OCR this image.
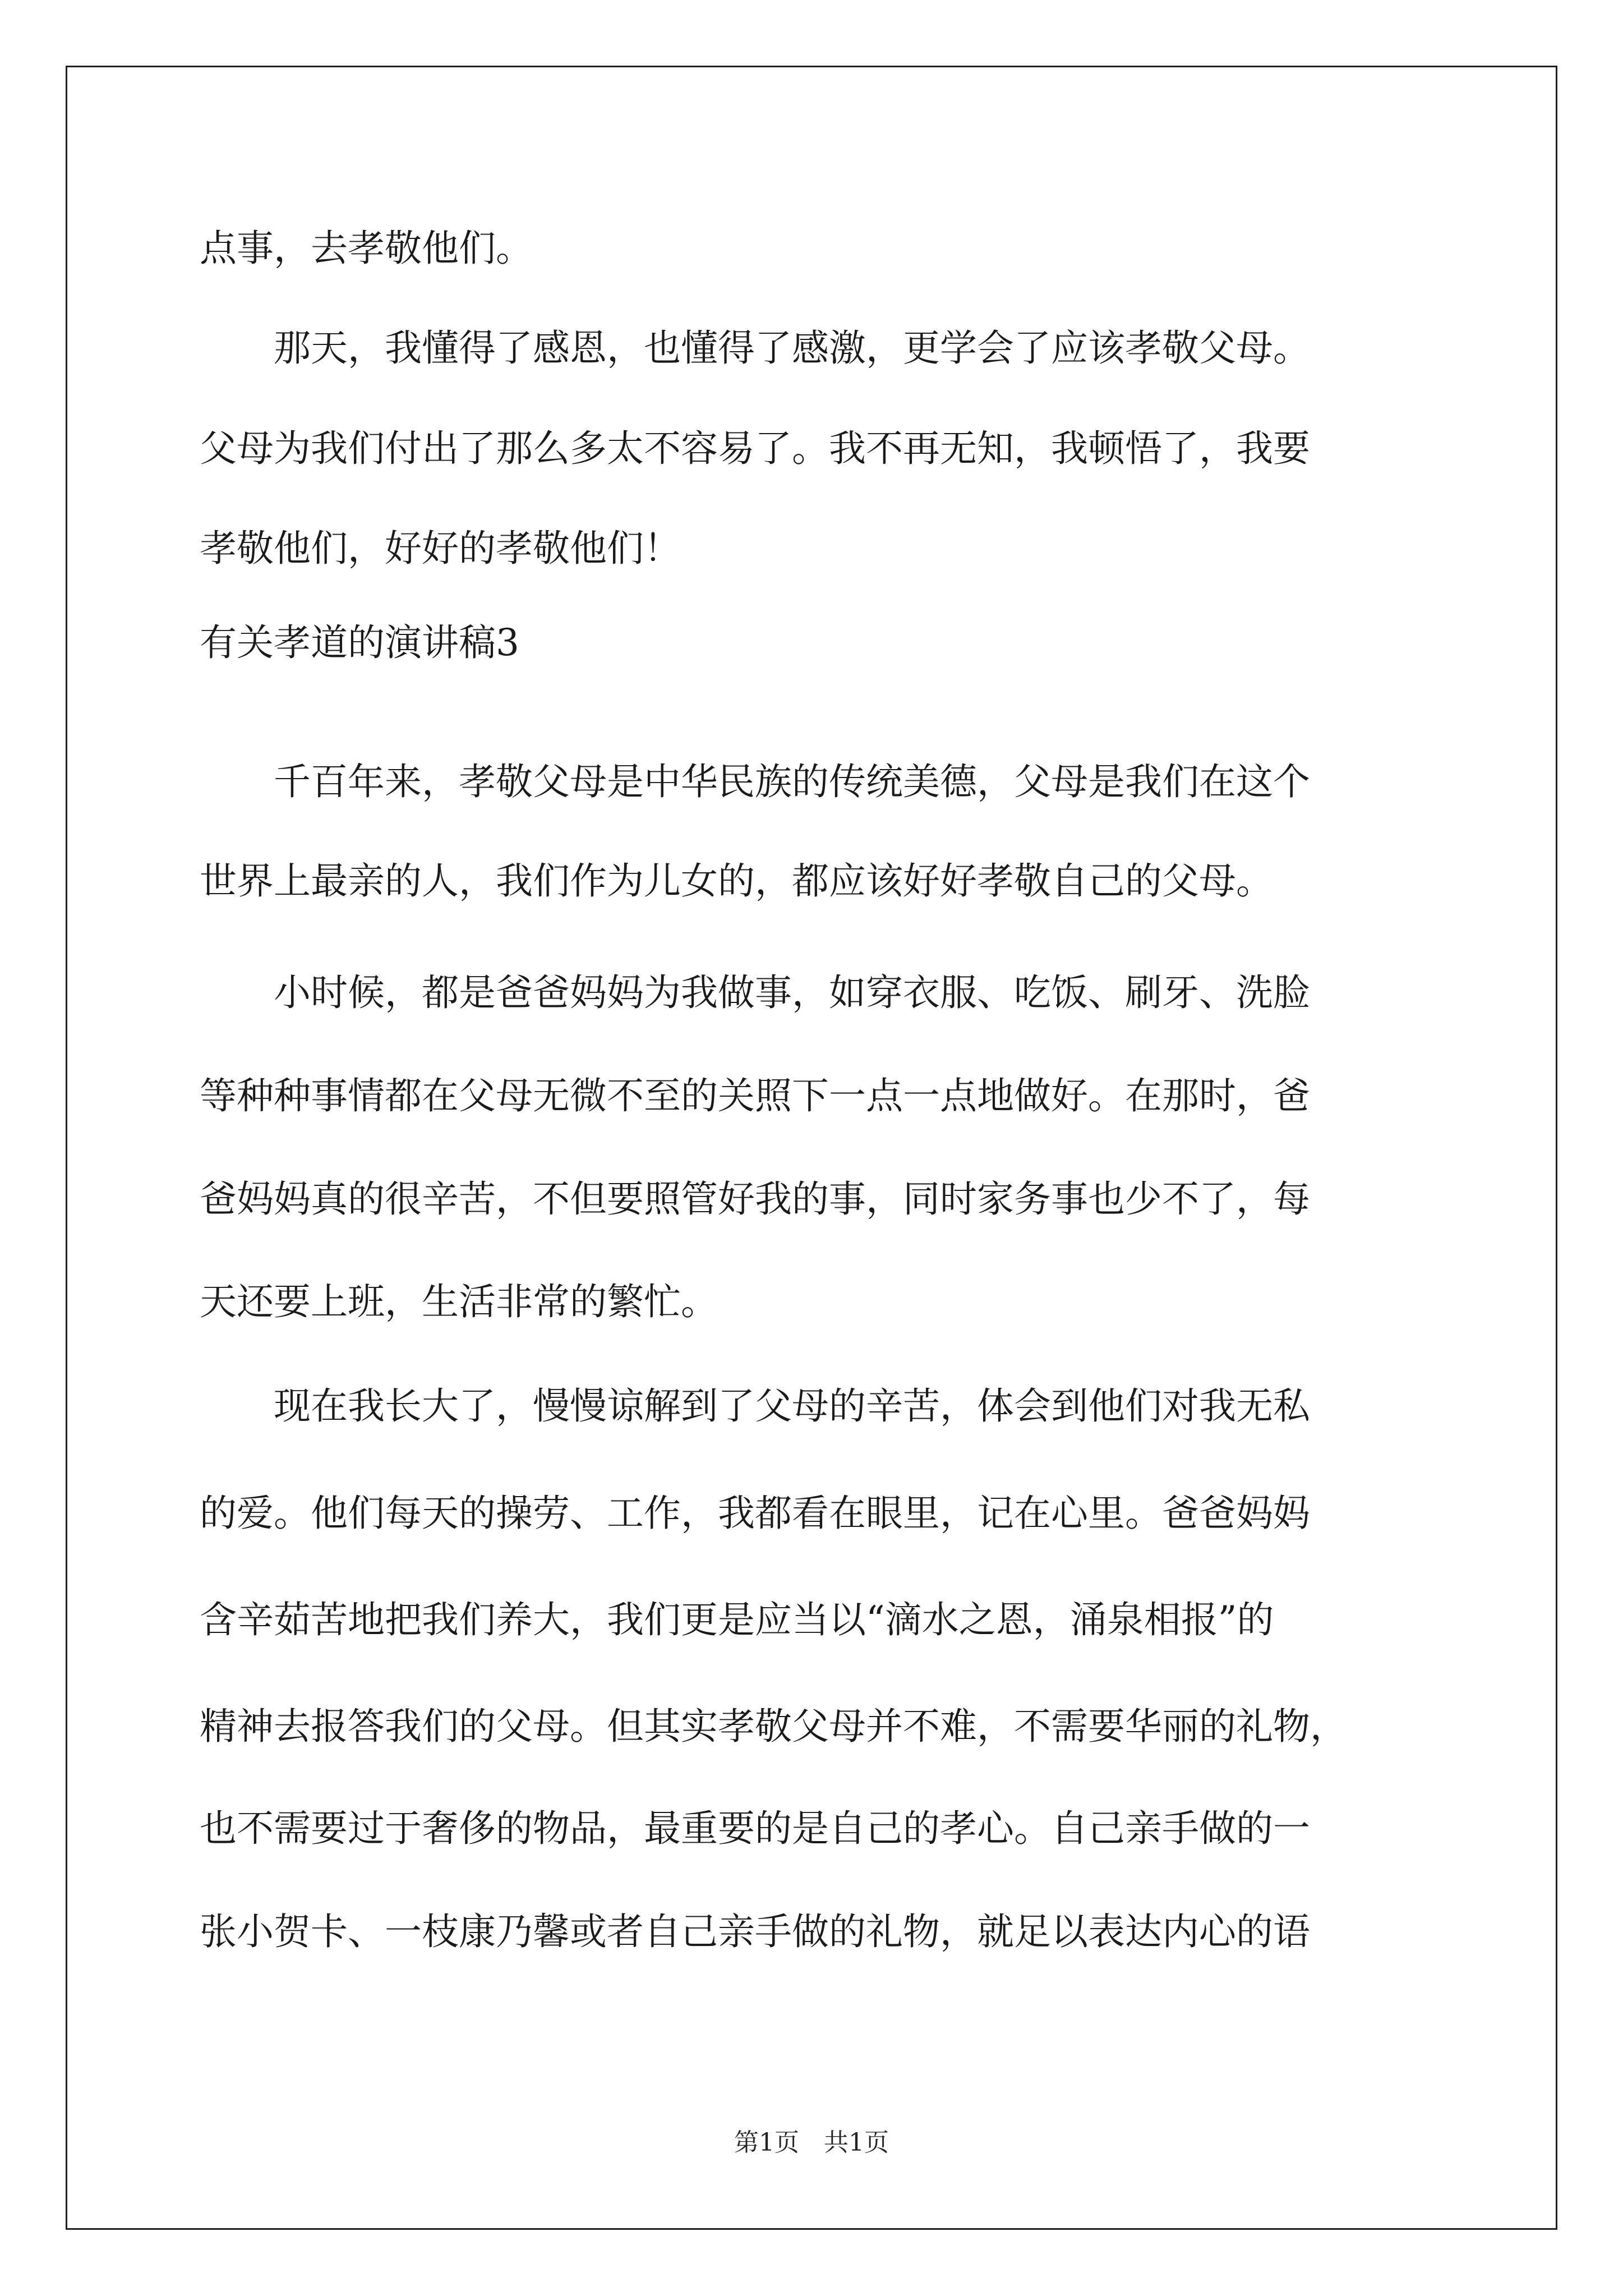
点事，去孝敬他们。
　　那天，我懂得了感恩，也懂得了感激，更学会了应该孝敬父母。
父母为我们付出了那么多太不容易了。我不再无知，我顿悟了，我要
孝敬他们，好好的孝敬他们！
有关孝道的演讲稿3
　　千百年来，孝敬父母是中华民族的传统美德，父母是我们在这个
世界上最亲的人，我们作为儿女的，都应该好好孝敬自己的父母。
　　小时候，都是爸爸妈妈为我做事，如穿衣服、吃饭、刷牙、洗脸
等种种事情都在父母无微不至的关照下一点一点地做好。在那时，爸
爸妈妈真的很辛苦，不但要照管好我的事，同时家务事也少不了，每
天还要上班，生活非常的繁忙。
　　现在我长大了，慢慢谅解到了父母的辛苦，体会到他们对我无私
的爱。他们每天的操劳、工作，我都看在眼里，记在心里。爸爸妈妈
含辛茹苦地把我们养大，我们更是应当以“滴水之恩，涌泉相报”的
精神去报答我们的父母。但其实孝敬父母并不难，不需要华丽的礼物，
也不需要过于奢侈的物品，最重要的是自己的孝心。自己亲手做的一
张小贺卡、一枝康乃馨或者自己亲手做的礼物，就足以表达内心的语
第1页　共1页
